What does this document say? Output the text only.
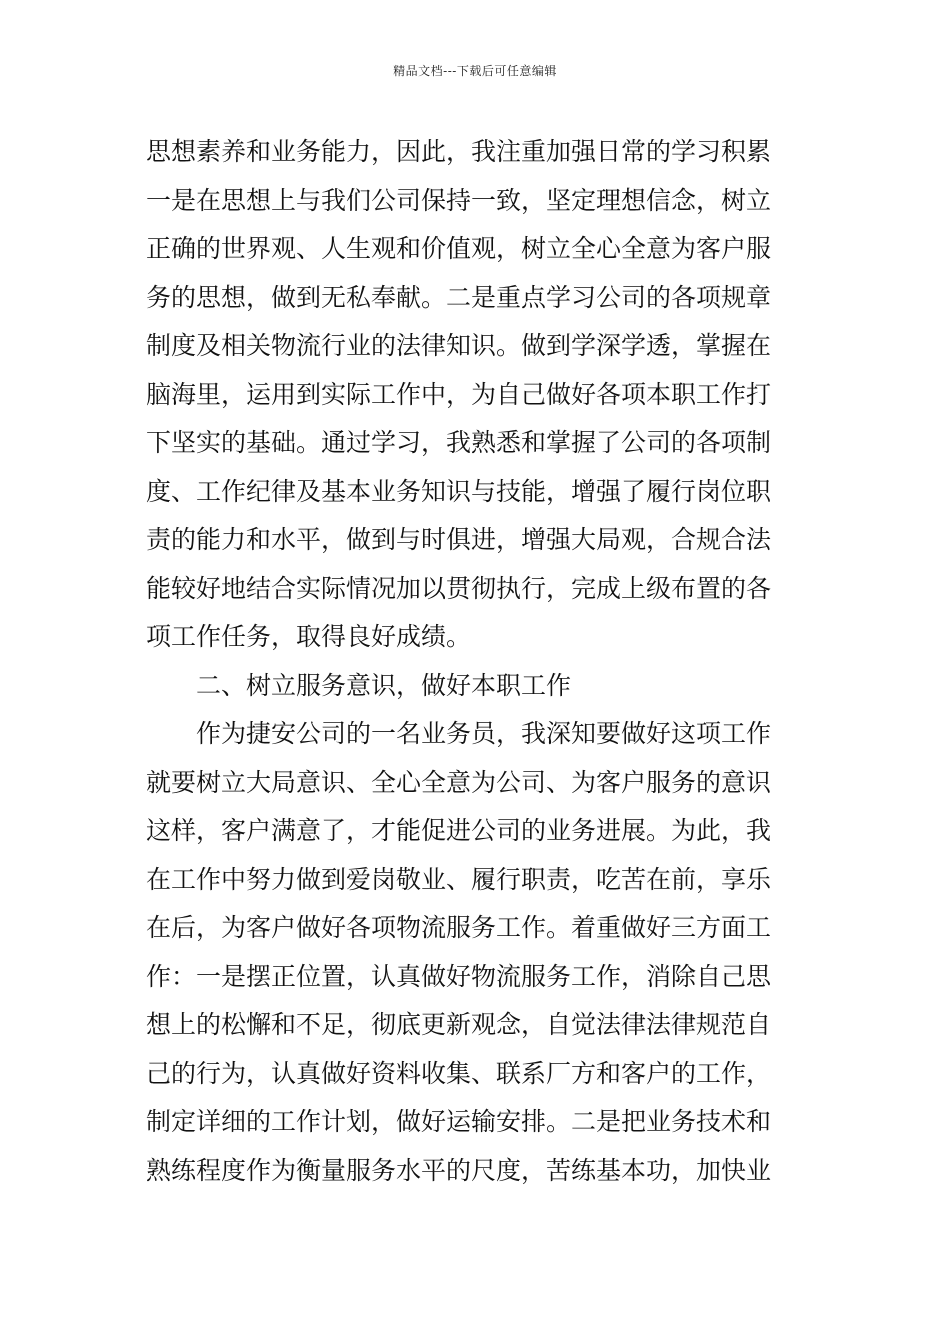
精品文档---下载后可任意编辑
思想素养和业务能力，因此，我注重加强日常的学习积累
一是在思想上与我们公司保持一致，坚定理想信念，树立
正确的世界观、人生观和价值观，树立全心全意为客户服
务的思想，做到无私奉献。二是重点学习公司的各项规章
制度及相关物流行业的法律知识。做到学深学透，掌握在
脑海里，运用到实际工作中，为自己做好各项本职工作打
下坚实的基础。通过学习，我熟悉和掌握了公司的各项制
度、工作纪律及基本业务知识与技能，增强了履行岗位职
责的能力和水平，做到与时俱进，增强大局观，合规合法
能较好地结合实际情况加以贯彻执行，完成上级布置的各
项工作任务，取得良好成绩。
二、树立服务意识，做好本职工作
作为捷安公司的一名业务员，我深知要做好这项工作
就要树立大局意识、全心全意为公司、为客户服务的意识
这样，客户满意了，才能促进公司的业务进展。为此，我
在工作中努力做到爱岗敬业、履行职责，吃苦在前，享乐
在后，为客户做好各项物流服务工作。着重做好三方面工
作：一是摆正位置，认真做好物流服务工作，消除自己思
想上的松懈和不足，彻底更新观念，自觉法律法律规范自
己的行为，认真做好资料收集、联系厂方和客户的工作，
制定详细的工作计划，做好运输安排。二是把业务技术和
熟练程度作为衡量服务水平的尺度，苦练基本功，加快业
